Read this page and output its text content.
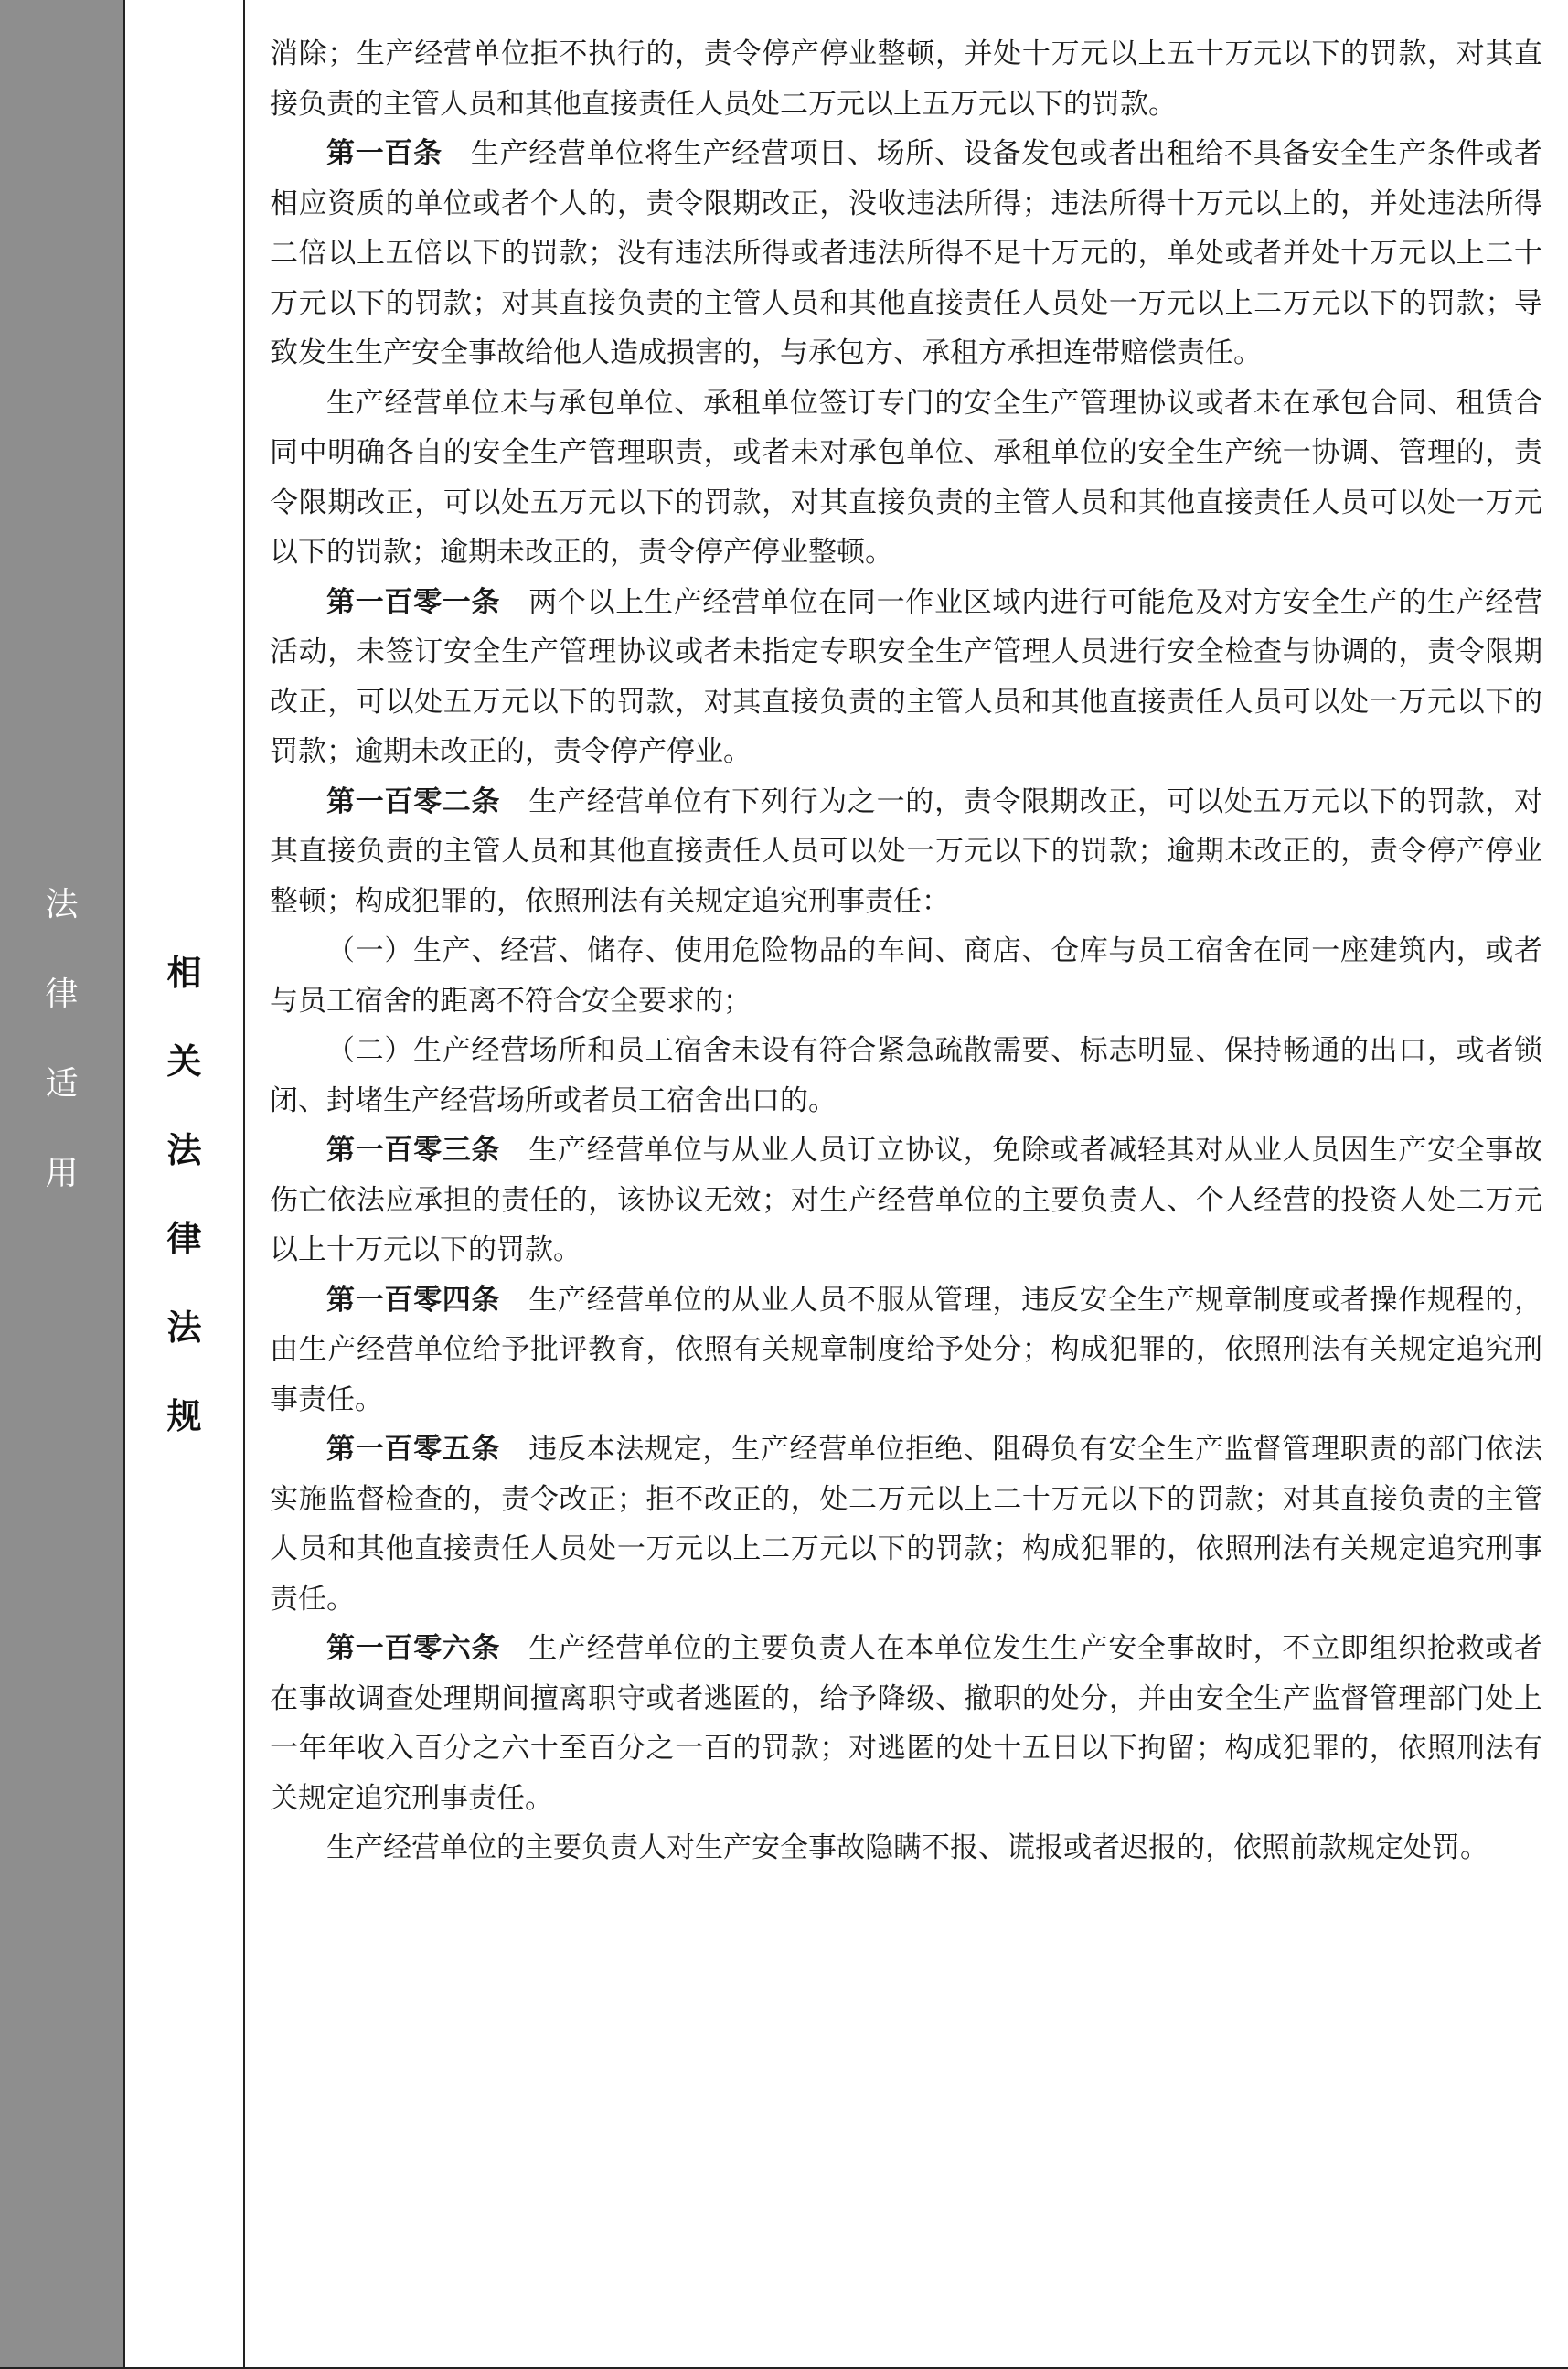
法
律
适
用
相
关
法
律
法
规

消除；生产经营单位拒不执行的，责令停产停业整顿，并处十万元以上五十万元以下的罚款，对其直接负责的主管人员和其他直接责任人员处二万元以上五万元以下的罚款。

第一百条 生产经营单位将生产经营项目、场所、设备发包或者出租给不具备安全生产条件或者相应资质的单位或者个人的，责令限期改正，没收违法所得；违法所得十万元以上的，并处违法所得二倍以上五倍以下的罚款；没有违法所得或者违法所得不足十万元的，单处或者并处十万元以上二十万元以下的罚款；对其直接负责的主管人员和其他直接责任人员处一万元以上二万元以下的罚款；导致发生生产安全事故给他人造成损害的，与承包方、承租方承担连带赔偿责任。

生产经营单位未与承包单位、承租单位签订专门的安全生产管理协议或者未在承包合同、租赁合同中明确各自的安全生产管理职责，或者未对承包单位、承租单位的安全生产统一协调、管理的，责令限期改正，可以处五万元以下的罚款，对其直接负责的主管人员和其他直接责任人员可以处一万元以下的罚款；逾期未改正的，责令停产停业整顿。

第一百零一条 两个以上生产经营单位在同一作业区域内进行可能危及对方安全生产的生产经营活动，未签订安全生产管理协议或者未指定专职安全生产管理人员进行安全检查与协调的，责令限期改正，可以处五万元以下的罚款，对其直接负责的主管人员和其他直接责任人员可以处一万元以下的罚款；逾期未改正的，责令停产停业。

第一百零二条 生产经营单位有下列行为之一的，责令限期改正，可以处五万元以下的罚款，对其直接负责的主管人员和其他直接责任人员可以处一万元以下的罚款；逾期未改正的，责令停产停业整顿；构成犯罪的，依照刑法有关规定追究刑事责任：

（一）生产、经营、储存、使用危险物品的车间、商店、仓库与员工宿舍在同一座建筑内，或者与员工宿舍的距离不符合安全要求的；

（二）生产经营场所和员工宿舍未设有符合紧急疏散需要、标志明显、保持畅通的出口，或者锁闭、封堵生产经营场所或者员工宿舍出口的。

第一百零三条 生产经营单位与从业人员订立协议，免除或者减轻其对从业人员因生产安全事故伤亡依法应承担的责任的，该协议无效；对生产经营单位的主要负责人、个人经营的投资人处二万元以上十万元以下的罚款。

第一百零四条 生产经营单位的从业人员不服从管理，违反安全生产规章制度或者操作规程的，由生产经营单位给予批评教育，依照有关规章制度给予处分；构成犯罪的，依照刑法有关规定追究刑事责任。

第一百零五条 违反本法规定，生产经营单位拒绝、阻碍负有安全生产监督管理职责的部门依法实施监督检查的，责令改正；拒不改正的，处二万元以上二十万元以下的罚款；对其直接负责的主管人员和其他直接责任人员处一万元以上二万元以下的罚款；构成犯罪的，依照刑法有关规定追究刑事责任。

第一百零六条 生产经营单位的主要负责人在本单位发生生产安全事故时，不立即组织抢救或者在事故调查处理期间擅离职守或者逃匿的，给予降级、撤职的处分，并由安全生产监督管理部门处上一年年收入百分之六十至百分之一百的罚款；对逃匿的处十五日以下拘留；构成犯罪的，依照刑法有关规定追究刑事责任。

生产经营单位的主要负责人对生产安全事故隐瞒不报、谎报或者迟报的，依照前款规定处罚。
